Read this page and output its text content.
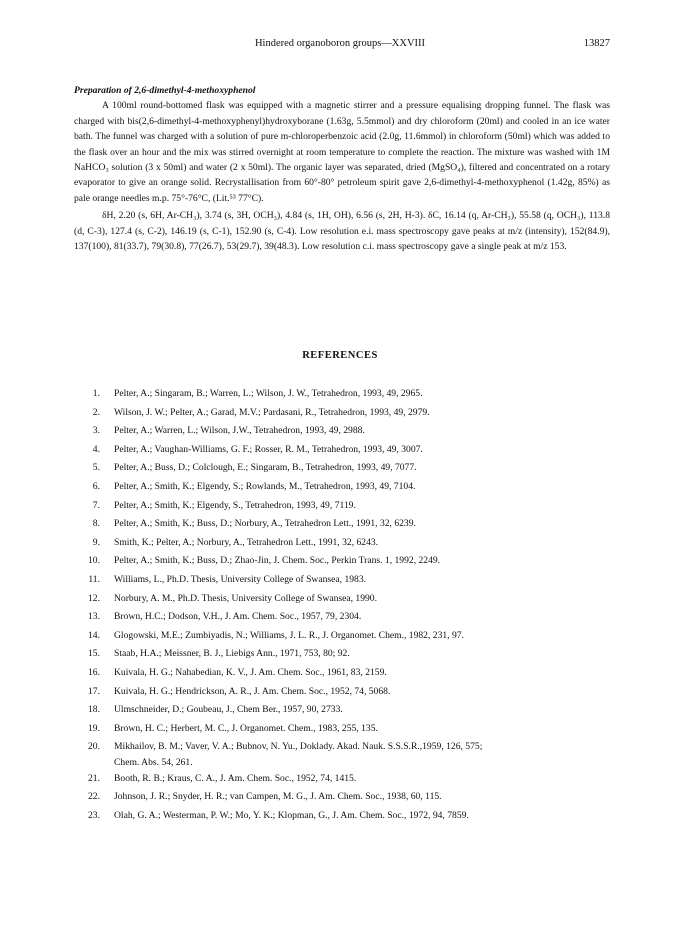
Hindered organoboron groups—XXVIII	13827

Preparation of 2,6-dimethyl-4-methoxyphenol

A 100ml round-bottomed flask was equipped with a magnetic stirrer and a pressure equalising dropping funnel. The flask was charged with bis(2,6-dimethyl-4-methoxyphenyl)hydroxyborane (1.63g, 5.5mmol) and dry chloroform (20ml) and cooled in an ice water bath. The funnel was charged with a solution of pure m-chloroperbenzoic acid (2.0g, 11.6mmol) in chloroform (50ml) which was added to the flask over an hour and the mix was stirred overnight at room temperature to complete the reaction. The mixture was washed with 1M NaHCO₃ solution (3 x 50ml) and water (2 x 50ml). The organic layer was separated, dried (MgSO₄), filtered and concentrated on a rotary evaporator to give an orange solid. Recrystallisation from 60°-80° petroleum spirit gave 2,6-dimethyl-4-methoxyphenol (1.42g, 85%) as pale orange needles m.p. 75°-76°C, (Lit.⁵³ 77°C).

δH, 2.20 (s, 6H, Ar-CH₃), 3.74 (s, 3H, OCH₃), 4.84 (s, 1H, OH), 6.56 (s, 2H, H-3). δC, 16.14 (q, Ar-CH₃), 55.58 (q, OCH₃), 113.8 (d, C-3), 127.4 (s, C-2), 146.19 (s, C-1), 152.90 (s, C-4). Low resolution e.i. mass spectroscopy gave peaks at m/z (intensity), 152(84.9), 137(100), 81(33.7), 79(30.8), 77(26.7), 53(29.7), 39(48.3). Low resolution c.i. mass spectroscopy gave a single peak at m/z 153.

REFERENCES
1. Pelter, A.; Singaram, B.; Warren, L.; Wilson, J. W., Tetrahedron, 1993, 49, 2965.
2. Wilson, J. W.; Pelter, A.; Garad, M.V.; Pardasani, R., Tetrahedron, 1993, 49, 2979.
3. Pelter, A.; Warren, L.; Wilson, J.W., Tetrahedron, 1993, 49, 2988.
4. Pelter, A.; Vaughan-Williams, G. F.; Rosser, R. M., Tetrahedron, 1993, 49, 3007.
5. Pelter, A.; Buss, D.; Colclough, E.; Singaram, B., Tetrahedron, 1993, 49, 7077.
6. Pelter, A.; Smith, K.; Elgendy, S.; Rowlands, M., Tetrahedron, 1993, 49, 7104.
7. Pelter, A.; Smith, K.; Elgendy, S., Tetrahedron, 1993, 49, 7119.
8. Pelter, A.; Smith, K.; Buss, D.; Norbury, A., Tetrahedron Lett., 1991, 32, 6239.
9. Smith, K.; Pelter, A.; Norbury, A., Tetrahedron Lett., 1991, 32, 6243.
10. Pelter, A.; Smith, K.; Buss, D.; Zhao-Jin, J. Chem. Soc., Perkin Trans. 1, 1992, 2249.
11. Williams, L., Ph.D. Thesis, University College of Swansea, 1983.
12. Norbury, A. M., Ph.D. Thesis, University College of Swansea, 1990.
13. Brown, H.C.; Dodson, V.H., J. Am. Chem. Soc., 1957, 79, 2304.
14. Glogowski, M.E.; Zumbiyadis, N.; Williams, J. L. R., J. Organomet. Chem., 1982, 231, 97.
15. Staab, H.A.; Meissner, B. J., Liebigs Ann., 1971, 753, 80; 92.
16. Kuivala, H. G.; Nahabedian, K. V., J. Am. Chem. Soc., 1961, 83, 2159.
17. Kuivala, H. G.; Hendrickson, A. R., J. Am. Chem. Soc., 1952, 74, 5068.
18. Ulmschneider, D.; Goubeau, J., Chem Ber., 1957, 90, 2733.
19. Brown, H. C.; Herbert, M. C., J. Organomet. Chem., 1983, 255, 135.
20. Mikhailov, B. M.; Vaver, V. A.; Bubnov, N. Yu., Doklady. Akad. Nauk. S.S.S.R.,1959, 126, 575;
Chem. Abs. 54, 261.
21. Booth, R. B.; Kraus, C. A., J. Am. Chem. Soc., 1952, 74, 1415.
22. Johnson, J. R.; Snyder, H. R.; van Campen, M. G., J. Am. Chem. Soc., 1938, 60, 115.
23. Olah, G. A.; Westerman, P. W.; Mo, Y. K.; Klopman, G., J. Am. Chem. Soc., 1972, 94, 7859.
